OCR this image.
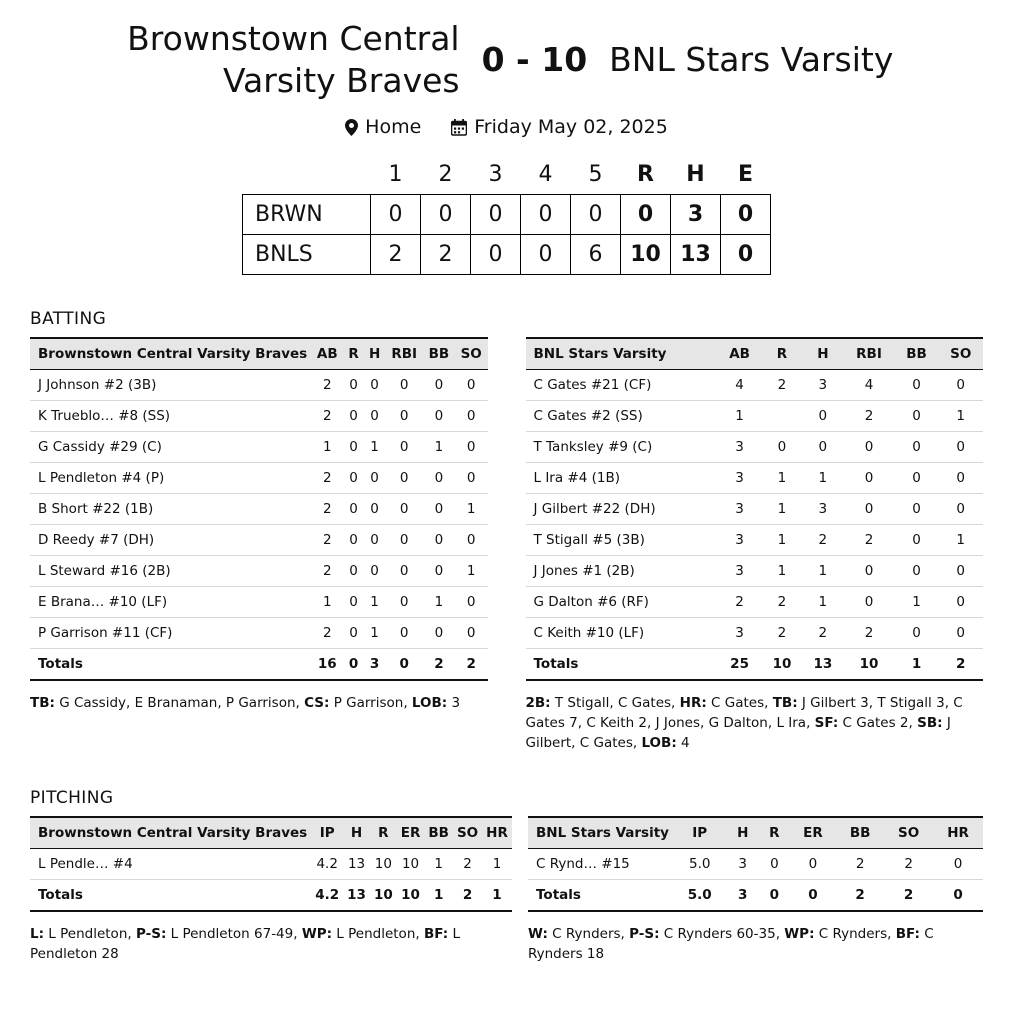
Brownstown Central Varsity Braves
0 - 10 BNL Stars Varsity
Home	Friday May 02, 2025
	1	2	3	4	5	R	H	E
BRWN	0	0	0	0	0	0	3	0
BNLS	2	2	0	0	6	10	13	0
BATTING
Brownstown Central Varsity Braves	AB	R	H	RBI	BB	SO
J Johnson #2 (3B)	2	0	0	0	0	0
K Trueblo… #8 (SS)	2	0	0	0	0	0
G Cassidy #29 (C)	1	0	1	0	1	0
L Pendleton #4 (P)	2	0	0	0	0	0
B Short #22 (1B)	2	0	0	0	0	1
D Reedy #7 (DH)	2	0	0	0	0	0
L Steward #16 (2B)	2	0	0	0	0	1
E Brana… #10 (LF)	1	0	1	0	1	0
P Garrison #11 (CF)	2	0	1	0	0	0
Totals	16	0	3	0	2	2
TB: G Cassidy, E Branaman, P Garrison, CS: P Garrison, LOB: 3
BNL Stars Varsity	AB	R	H	RBI	BB	SO
C Gates #21 (CF)	4	2	3	4	0	0
C Gates #2 (SS)	1		0	2	0	1
T Tanksley #9 (C)	3	0	0	0	0	0
L Ira #4 (1B)	3	1	1	0	0	0
J Gilbert #22 (DH)	3	1	3	0	0	0
T Stigall #5 (3B)	3	1	2	2	0	1
J Jones #1 (2B)	3	1	1	0	0	0
G Dalton #6 (RF)	2	2	1	0	1	0
C Keith #10 (LF)	3	2	2	2	0	0
Totals	25	10	13	10	1	2
2B: T Stigall, C Gates, HR: C Gates, TB: J Gilbert 3, T Stigall 3, C Gates 7, C Keith 2, J Jones, G Dalton, L Ira, SF: C Gates 2, SB: J Gilbert, C Gates, LOB: 4
PITCHING
Brownstown Central Varsity Braves	IP	H	R	ER	BB	SO	HR
L Pendle… #4	4.2	13	10	10	1	2	1
Totals	4.2	13	10	10	1	2	1
L: L Pendleton, P-S: L Pendleton 67-49, WP: L Pendleton, BF: L Pendleton 28
BNL Stars Varsity	IP	H	R	ER	BB	SO	HR
C Rynd… #15	5.0	3	0	0	2	2	0
Totals	5.0	3	0	0	2	2	0
W: C Rynders, P-S: C Rynders 60-35, WP: C Rynders, BF: C Rynders 18
